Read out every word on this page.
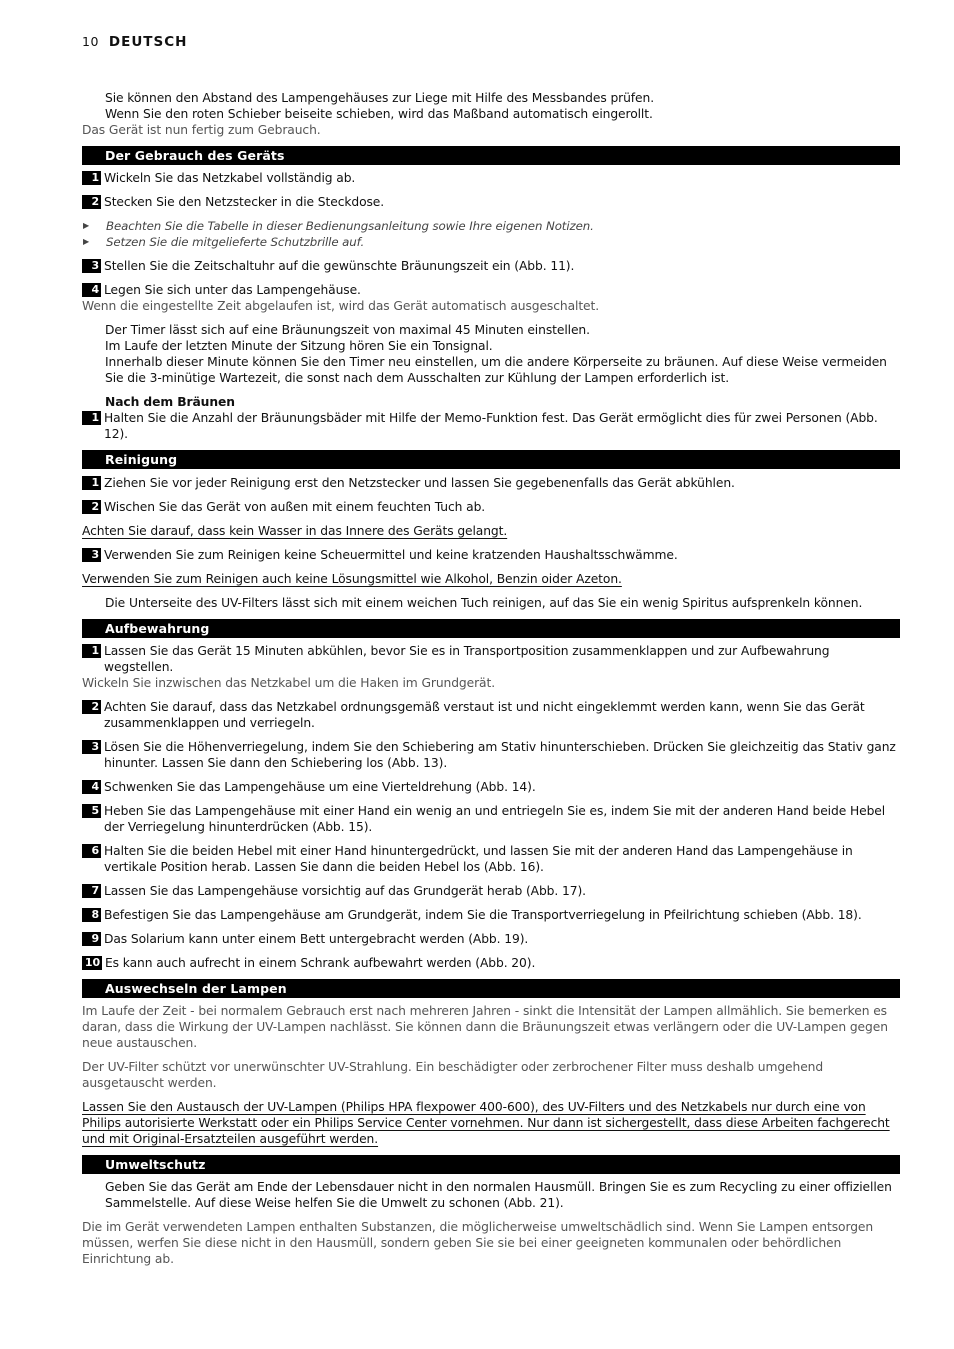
10 DEUTSCH

Sie können den Abstand des Lampengehäuses zur Liege mit Hilfe des Messbandes prüfen.

Wenn Sie den roten Schieber beiseite schieben, wird das Maßband automatisch eingerollt.

Das Gerät ist nun fertig zum Gebrauch.

Der Gebrauch des Geräts
1 Wickeln Sie das Netzkabel vollständig ab.
2 Stecken Sie den Netzstecker in die Steckdose.
▶	Beachten Sie die Tabelle in dieser Bedienungsanleitung sowie Ihre eigenen Notizen.
▶	Setzen Sie die mitgelieferte Schutzbrille auf.
3 Stellen Sie die Zeitschaltuhr auf die gewünschte Bräunungszeit ein (Abb. 11).
4 Legen Sie sich unter das Lampengehäuse.

Wenn die eingestellte Zeit abgelaufen ist, wird das Gerät automatisch ausgeschaltet.

Der Timer lässt sich auf eine Bräunungszeit von maximal 45 Minuten einstellen.

Im Laufe der letzten Minute der Sitzung hören Sie ein Tonsignal.

Innerhalb dieser Minute können Sie den Timer neu einstellen, um die andere Körperseite zu bräunen. Auf diese Weise vermeiden Sie die 3-minütige Wartezeit, die sonst nach dem Ausschalten zur Kühlung der Lampen erforderlich ist.

Nach dem Bräunen

1 Halten Sie die Anzahl der Bräunungsbäder mit Hilfe der Memo-Funktion fest. Das Gerät ermöglicht dies für zwei Personen (Abb. 12).
Reinigung
1 Ziehen Sie vor jeder Reinigung erst den Netzstecker und lassen Sie gegebenenfalls das Gerät abkühlen.
2 Wischen Sie das Gerät von außen mit einem feuchten Tuch ab.

Achten Sie darauf, dass kein Wasser in das Innere des Geräts gelangt.

3 Verwenden Sie zum Reinigen keine Scheuermittel und keine kratzenden Haushaltsschwämme.

Verwenden Sie zum Reinigen auch keine Lösungsmittel wie Alkohol, Benzin oider Azeton.

Die Unterseite des UV-Filters lässt sich mit einem weichen Tuch reinigen, auf das Sie ein wenig Spiritus aufsprenkeln können.

Aufbewahrung
1 Lassen Sie das Gerät 15 Minuten abkühlen, bevor Sie es in Transportposition zusammenklappen und zur Aufbewahrung wegstellen.

Wickeln Sie inzwischen das Netzkabel um die Haken im Grundgerät.

2 Achten Sie darauf, dass das Netzkabel ordnungsgemäß verstaut ist und nicht eingeklemmt werden kann, wenn Sie das Gerät zusammenklappen und verriegeln.
3 Lösen Sie die Höhenverriegelung, indem Sie den Schiebering am Stativ hinunterschieben. Drücken Sie gleichzeitig das Stativ ganz hinunter. Lassen Sie dann den Schiebering los (Abb. 13).
4 Schwenken Sie das Lampengehäuse um eine Vierteldrehung (Abb. 14).
5 Heben Sie das Lampengehäuse mit einer Hand ein wenig an und entriegeln Sie es, indem Sie mit der anderen Hand beide Hebel der Verriegelung hinunterdrücken (Abb. 15).
6 Halten Sie die beiden Hebel mit einer Hand hinuntergedrückt, und lassen Sie mit der anderen Hand das Lampengehäuse in vertikale Position herab. Lassen Sie dann die beiden Hebel los (Abb. 16).
7 Lassen Sie das Lampengehäuse vorsichtig auf das Grundgerät herab (Abb. 17).
8 Befestigen Sie das Lampengehäuse am Grundgerät, indem Sie die Transportverriegelung in Pfeilrichtung schieben (Abb. 18).
9 Das Solarium kann unter einem Bett untergebracht werden (Abb. 19).
10 Es kann auch aufrecht in einem Schrank aufbewahrt werden (Abb. 20).
Auswechseln der Lampen

Im Laufe der Zeit - bei normalem Gebrauch erst nach mehreren Jahren - sinkt die Intensität der Lampen allmählich. Sie bemerken es daran, dass die Wirkung der UV-Lampen nachlässt. Sie können dann die Bräunungszeit etwas verlängern oder die UV-Lampen gegen neue austauschen.

Der UV-Filter schützt vor unerwünschter UV-Strahlung. Ein beschädigter oder zerbrochener Filter muss deshalb umgehend ausgetauscht werden.

Lassen Sie den Austausch der UV-Lampen (Philips HPA flexpower 400-600), des UV-Filters und des Netzkabels nur durch eine von Philips autorisierte Werkstatt oder ein Philips Service Center vornehmen. Nur dann ist sichergestellt, dass diese Arbeiten fachgerecht und mit Original-Ersatzteilen ausgeführt werden.

Umweltschutz

Geben Sie das Gerät am Ende der Lebensdauer nicht in den normalen Hausmüll. Bringen Sie es zum Recycling zu einer offiziellen Sammelstelle. Auf diese Weise helfen Sie die Umwelt zu schonen (Abb. 21).

Die im Gerät verwendeten Lampen enthalten Substanzen, die möglicherweise umweltschädlich sind. Wenn Sie Lampen entsorgen müssen, werfen Sie diese nicht in den Hausmüll, sondern geben Sie sie bei einer geeigneten kommunalen oder behördlichen Einrichtung ab.
